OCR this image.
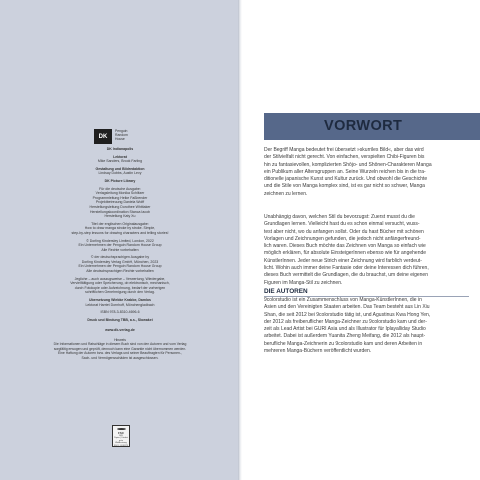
DK
Penguin
Random
House
DK Indianapolis
Lektorat
Mike Sanders, Brook Farling
Gestaltung und Bildredaktion
Lindsay Dobbs, Austin Levy
DK Picture Library
Für die deutsche Ausgabe:
Verlagsleitung Monika Schlitzer
Programmleitung Heike Faßbender
Projektbetreuung Daniela Wolff
Herstellungsleitung Dorothee Whittaker
Herstellungskoordination Stanca Iacob
Herstellung Katy Xu
Titel der englischen Originalausgabe:
How to draw manga stroke by stroke. Simple,
step-by-step lessons for drawing characters and telling stories!
© Dorling Kindersley Limited, London, 2022
Ein Unternehmen der Penguin Random House Group
Alle Rechte vorbehalten
© der deutschsprachigen Ausgabe by
Dorling Kindersley Verlag GmbH, München, 2023
Ein Unternehmen der Penguin Random House Group
Alle deutschsprachigen Rechte vorbehalten
Jegliche – auch auszugsweise – Verwertung, Wiedergabe,
Vervielfältigung oder Speicherung, ob elektronisch, mechanisch,
durch Fotokopie oder Aufzeichnung, bedarf der vorherigen
schriftlichen Genehmigung durch den Verlag.
Übersetzung Wiebke Krabbe, Damlos
Lektorat Harriet Dornhoff, Mönchengladbach
ISBN 978-3-8310-4696-6
Druck und Bindung TBB, a.s., Slowakei
www.dk-verlag.de
Hinweis
Die Informationen und Ratschläge in diesem Buch sind von den Autoren und vom Verlag
sorgfältig erwogen und geprüft, dennoch kann eine Garantie nicht übernommen werden.
Eine Haftung der Autoren bzw. des Verlags und seiner Beauftragten für Personen-,
Sach- und Vermögensschäden ist ausgeschlossen.
FSC
MIX
Papier | Fördert
gute Waldnutzung
FSC® C018179
VORWORT
Der Begriff Manga bedeutet frei übersetzt »skurriles Bild«, aber das wird
der Stilvielfalt nicht gerecht. Von einfachen, verspielten Chibi-Figuren bis
hin zu fantasievollen, komplizierten Shōjo- und Shōnen-Charakteren Manga
ein Publikum aller Altersgruppen an. Seine Wurzeln reichen bis in die tra-
ditionelle japanische Kunst und Kultur zurück. Und obwohl die Geschichte
und die Stile von Manga komplex sind, ist es gar nicht so schwer, Manga
zeichnen zu lernen.
Unabhängig davon, welchen Stil du bevorzugst: Zuerst musst du die
Grundlagen lernen. Vielleicht hast du es schon einmal versucht, wuss-
test aber nicht, wo du anfangen sollst. Oder du hast Bücher mit schönen
Vorlagen und Zeichnungen gefunden, die jedoch nicht anfängerfreund-
lich waren. Dieses Buch möchte das Zeichnen von Manga so einfach wie
möglich erklären, für absolute EinsteigerInnen ebenso wie für angehende
KünstlerInnen. Jeder neue Strich einer Zeichnung wird farblich verdeut-
licht. Wohin auch immer deine Fantasie oder deine Interessen dich führen,
dieses Buch vermittelt die Grundlagen, die du brauchst, um deine eigenen
Figuren im Manga-Stil zu zeichnen.
DIE AUTOREN
9colorstudio ist ein Zusammenschluss von Manga-KünstlerInnen, die in
Asien und den Vereinigten Staaten arbeiten. Das Team besteht aus Lin Xiu
Shan, die seit 2012 bei 9colorstudio tätig ist, und Agustinus Kwa Hong Yen,
der 2012 als freiberuflicher Manga-Zeichner zu 9colorstudio kam und der-
zeit als Lead Artist bei GURI Asia und als Illustrator für Iplayalliday Studio
arbeitet. Dabei ist außerdem Yuanita Zheng Meifang, die 2012 als haupt-
berufliche Manga-Zeichnerin zu 9colorstudio kam und deren Arbeiten in
mehreren Manga-Büchern veröffentlicht wurden.
